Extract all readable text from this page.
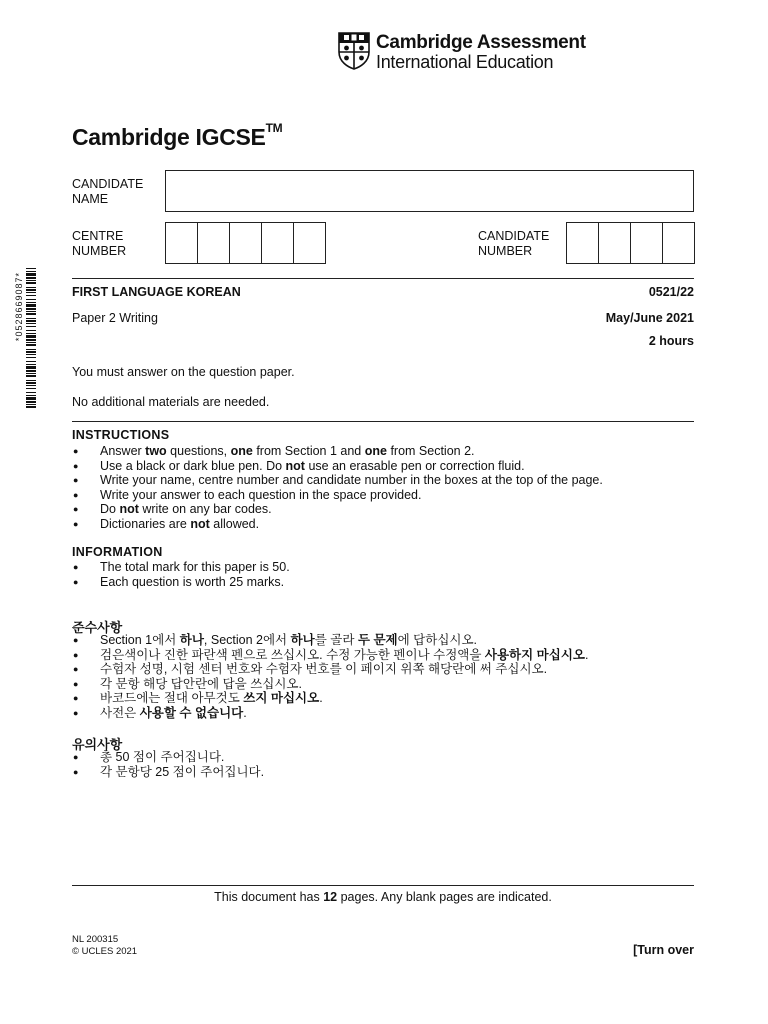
Cambridge Assessment
International Education
Cambridge IGCSE™
CANDIDATE
NAME
CENTRE
NUMBER
CANDIDATE
NUMBER
*0528669087*	FIRST LANGUAGE KOREAN	0521/22
Paper 2 Writing	May/June 2021
2 hours
You must answer on the question paper.
No additional materials are needed.
INSTRUCTIONS
● Answer two questions, one from Section 1 and one from Section 2.
● Use a black or dark blue pen. Do not use an erasable pen or correction fluid.
● Write your name, centre number and candidate number in the boxes at the top of the page.
● Write your answer to each question in the space provided.
● Do not write on any bar codes.
● Dictionaries are not allowed.
INFORMATION
● The total mark for this paper is 50.
● Each question is worth 25 marks.
준수사항
● Section 1에서 하나, Section 2에서 하나를 골라 두 문제에 답하십시오.
● 검은색이나 진한 파란색 펜으로 쓰십시오. 수정 가능한 펜이나 수정액을 사용하지 마십시오.
● 수험자 성명, 시험 센터 번호와 수험자 번호를 이 페이지 위쪽 해당란에 써 주십시오.
● 각 문항 해당 답안란에 답을 쓰십시오.
● 바코드에는 절대 아무것도 쓰지 마십시오.
● 사전은 사용할 수 없습니다.
유의사항
● 총 50 점이 주어집니다.
● 각 문항당 25 점이 주어집니다.
This document has 12 pages. Any blank pages are indicated.
NL 200315
© UCLES 2021	[Turn over
